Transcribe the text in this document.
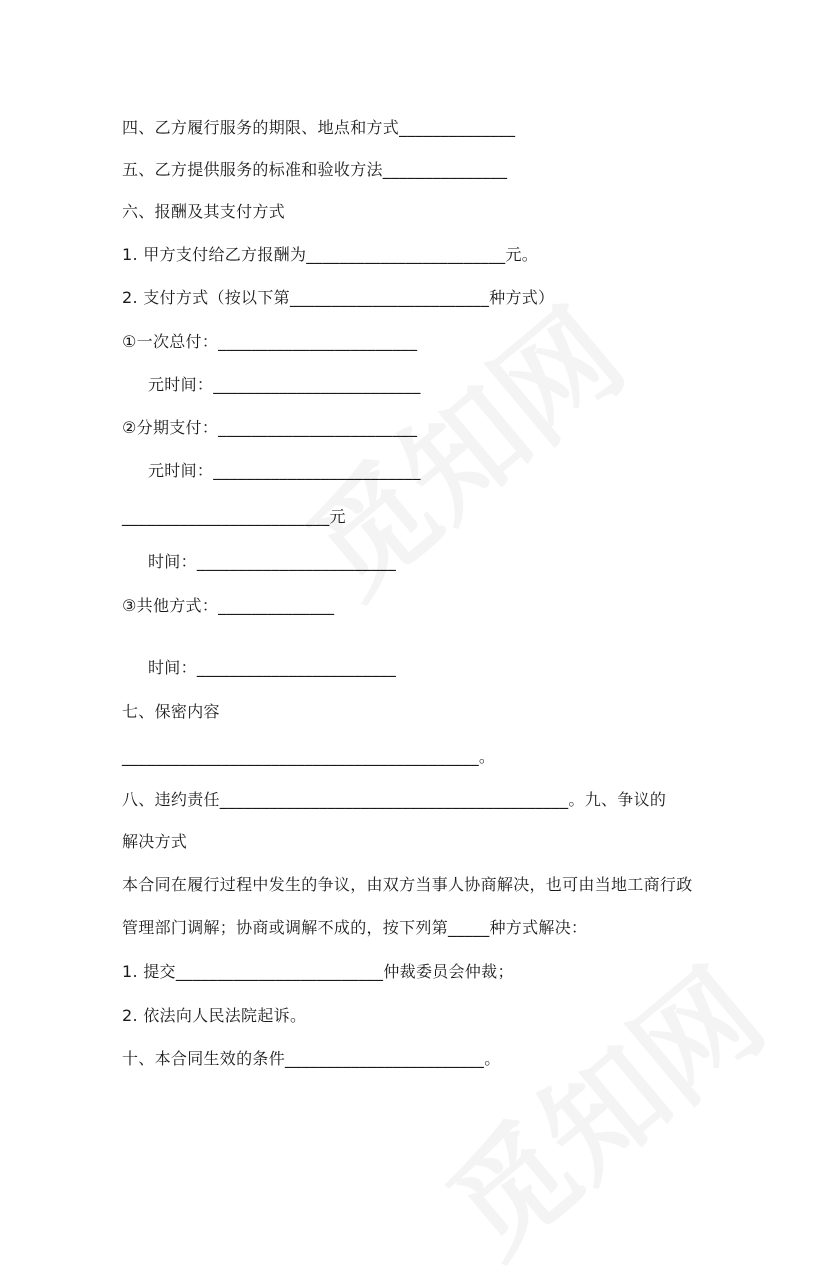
四、乙方履行服务的期限、地点和方式______________
五、乙方提供服务的标准和验收方法_______________
六、报酬及其支付方式
1. 甲方支付给乙方报酬为________________________元。
2. 支付方式（按以下第________________________种方式）
①一次总付：________________________
元时间：_________________________
②分期支付：________________________
元时间：_________________________
_________________________元
时间：________________________
③共他方式：______________
时间：________________________
七、保密内容
___________________________________________。
八、违约责任__________________________________________。九、争议的
解决方式
本合同在履行过程中发生的争议，由双方当事人协商解决，也可由当地工商行政
管理部门调解；协商或调解不成的，按下列第_____种方式解决：
1. 提交_________________________仲裁委员会仲裁；
2. 依法向人民法院起诉。
十、本合同生效的条件________________________。
